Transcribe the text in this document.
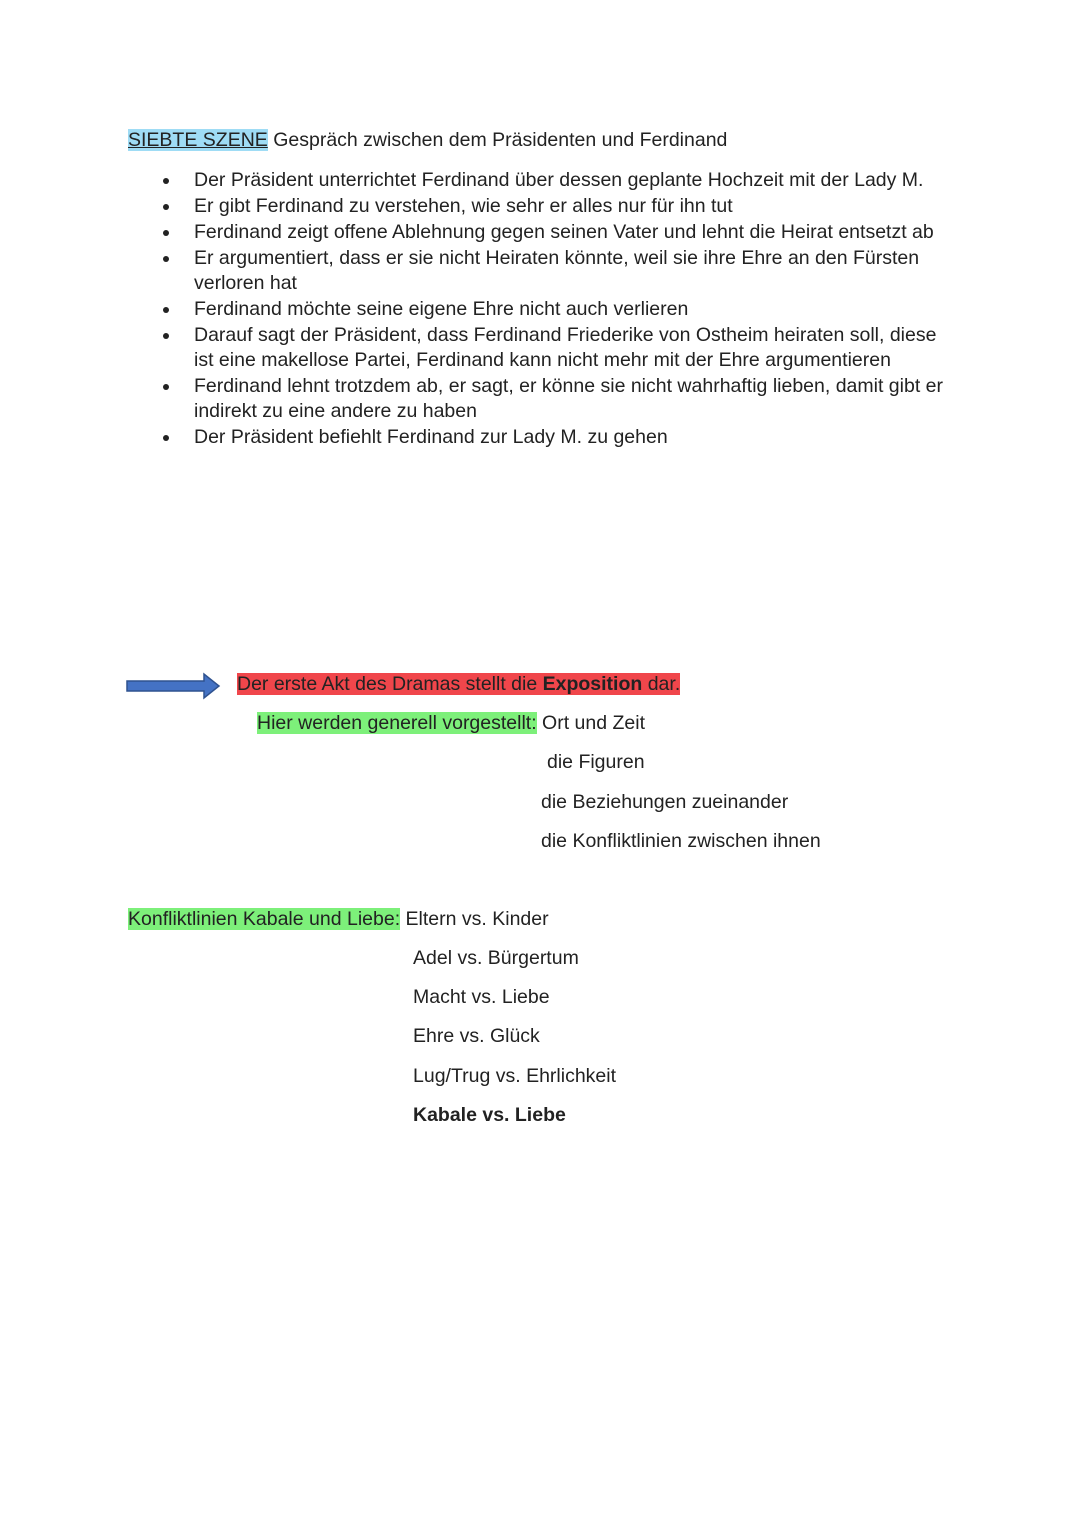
SIEBTE SZENE Gespräch zwischen dem Präsidenten und Ferdinand
Der Präsident unterrichtet Ferdinand über dessen geplante Hochzeit mit der Lady M.
Er gibt Ferdinand zu verstehen, wie sehr er alles nur für ihn tut
Ferdinand zeigt offene Ablehnung gegen seinen Vater und lehnt die Heirat entsetzt ab
Er argumentiert, dass er sie nicht Heiraten könnte, weil sie ihre Ehre an den Fürsten verloren hat
Ferdinand möchte seine eigene Ehre nicht auch verlieren
Darauf sagt der Präsident, dass Ferdinand Friederike von Ostheim heiraten soll, diese ist eine makellose Partei, Ferdinand kann nicht mehr mit der Ehre argumentieren
Ferdinand lehnt trotzdem ab, er sagt, er könne sie nicht wahrhaftig lieben, damit gibt er indirekt zu eine andere zu haben
Der Präsident befiehlt Ferdinand zur Lady M. zu gehen
Der erste Akt des Dramas stellt die Exposition dar.
Hier werden generell vorgestellt: Ort und Zeit
die Figuren
die Beziehungen zueinander
die Konfliktlinien zwischen ihnen
Konfliktlinien Kabale und Liebe: Eltern vs. Kinder
Adel vs. Bürgertum
Macht vs. Liebe
Ehre vs. Glück
Lug/Trug vs. Ehrlichkeit
Kabale vs. Liebe
